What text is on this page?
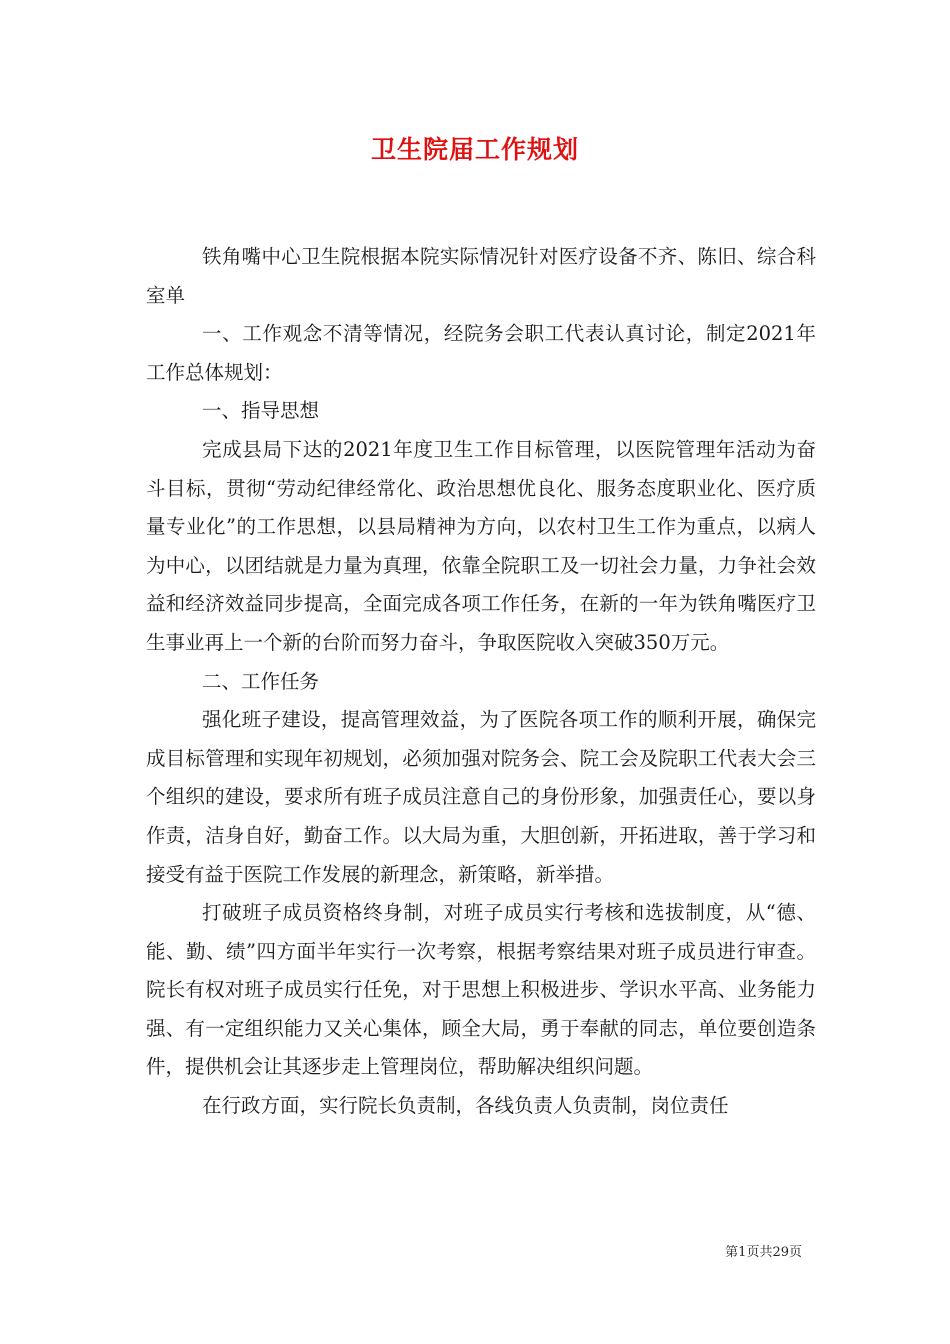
卫生院届工作规划

铁角嘴中心卫生院根据本院实际情况针对医疗设备不齐、陈旧、综合科室单

一、工作观念不清等情况，经院务会职工代表认真讨论，制定2021年工作总体规划：

一、指导思想

完成县局下达的2021年度卫生工作目标管理，以医院管理年活动为奋斗目标，贯彻“劳动纪律经常化、政治思想优良化、服务态度职业化、医疗质量专业化”的工作思想，以县局精神为方向，以农村卫生工作为重点，以病人为中心，以团结就是力量为真理，依靠全院职工及一切社会力量，力争社会效益和经济效益同步提高，全面完成各项工作任务，在新的一年为铁角嘴医疗卫生事业再上一个新的台阶而努力奋斗，争取医院收入突破350万元。

二、工作任务

强化班子建设，提高管理效益，为了医院各项工作的顺利开展，确保完成目标管理和实现年初规划，必须加强对院务会、院工会及院职工代表大会三个组织的建设，要求所有班子成员注意自己的身份形象，加强责任心，要以身作责，洁身自好，勤奋工作。以大局为重，大胆创新，开拓进取，善于学习和接受有益于医院工作发展的新理念，新策略，新举措。

打破班子成员资格终身制，对班子成员实行考核和选拔制度，从“德、能、勤、绩”四方面半年实行一次考察，根据考察结果对班子成员进行审查。院长有权对班子成员实行任免，对于思想上积极进步、学识水平高、业务能力强、有一定组织能力又关心集体，顾全大局，勇于奉献的同志，单位要创造条件，提供机会让其逐步走上管理岗位，帮助解决组织问题。

在行政方面，实行院长负责制，各线负责人负责制，岗位责任

第1页共29页
